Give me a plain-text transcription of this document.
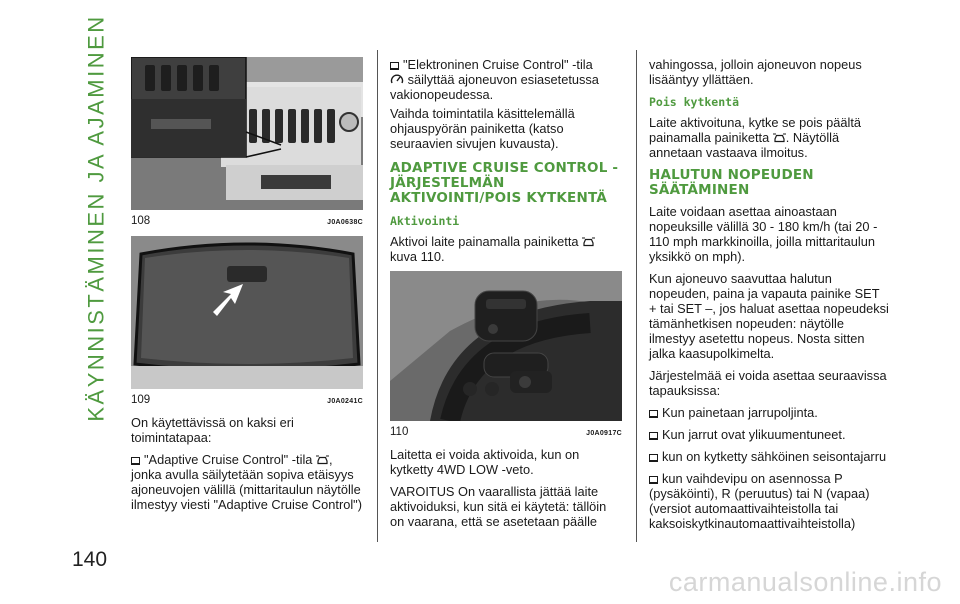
KÄYNNISTÄMINEN JA AJAMINEN
140
carmanualsonline.info
108	J0A0638C
109	J0A0241C

On käytettävissä on kaksi eri toimintatapaa:

"Adaptive Cruise Control" -tila , jonka avulla säilytetään sopiva etäisyys ajoneuvojen välillä (mittaritaulun näytölle ilmestyy viesti "Adaptive Cruise Control")

"Elektroninen Cruise Control" -tila
säilyttää ajoneuvon esiasetetussa vakionopeudessa.

Vaihda toimintatila käsittelemällä ohjauspyörän painiketta (katso seuraavien sivujen kuvausta).

ADAPTIVE CRUISE CONTROL -JÄRJESTELMÄN AKTIVOINTI/POIS KYTKENTÄ
Aktivointi

Aktivoi laite painamalla painiketta
kuva 110.

110	J0A0917C

Laitetta ei voida aktivoida, kun on kytketty 4WD LOW -veto.

VAROITUS On vaarallista jättää laite aktivoiduksi, kun sitä ei käytetä: tällöin on vaarana, että se asetetaan päälle

vahingossa, jolloin ajoneuvon nopeus lisääntyy yllättäen.

Pois kytkentä

Laite aktivoituna, kytke se pois päältä painamalla painiketta . Näytöllä annetaan vastaava ilmoitus.

HALUTUN NOPEUDEN SÄÄTÄMINEN

Laite voidaan asettaa ainoastaan nopeuksille välillä 30 - 180 km/h (tai 20 - 110 mph markkinoilla, joilla mittaritaulun yksikkö on mph).

Kun ajoneuvo saavuttaa halutun nopeuden, paina ja vapauta painike SET + tai SET –, jos haluat asettaa nopeudeksi tämänhetkisen nopeuden: näytölle ilmestyy asetettu nopeus. Nosta sitten jalka kaasupolkimelta.

Järjestelmää ei voida asettaa seuraavissa tapauksissa:

Kun painetaan jarrupoljinta.

Kun jarrut ovat ylikuumentuneet.

kun on kytketty sähköinen seisontajarru

kun vaihdevipu on asennossa P (pysäköinti), R (peruutus) tai N (vapaa) (versiot automaattivaihteistolla tai kaksoiskytkinautomaattivaihteistolla)
